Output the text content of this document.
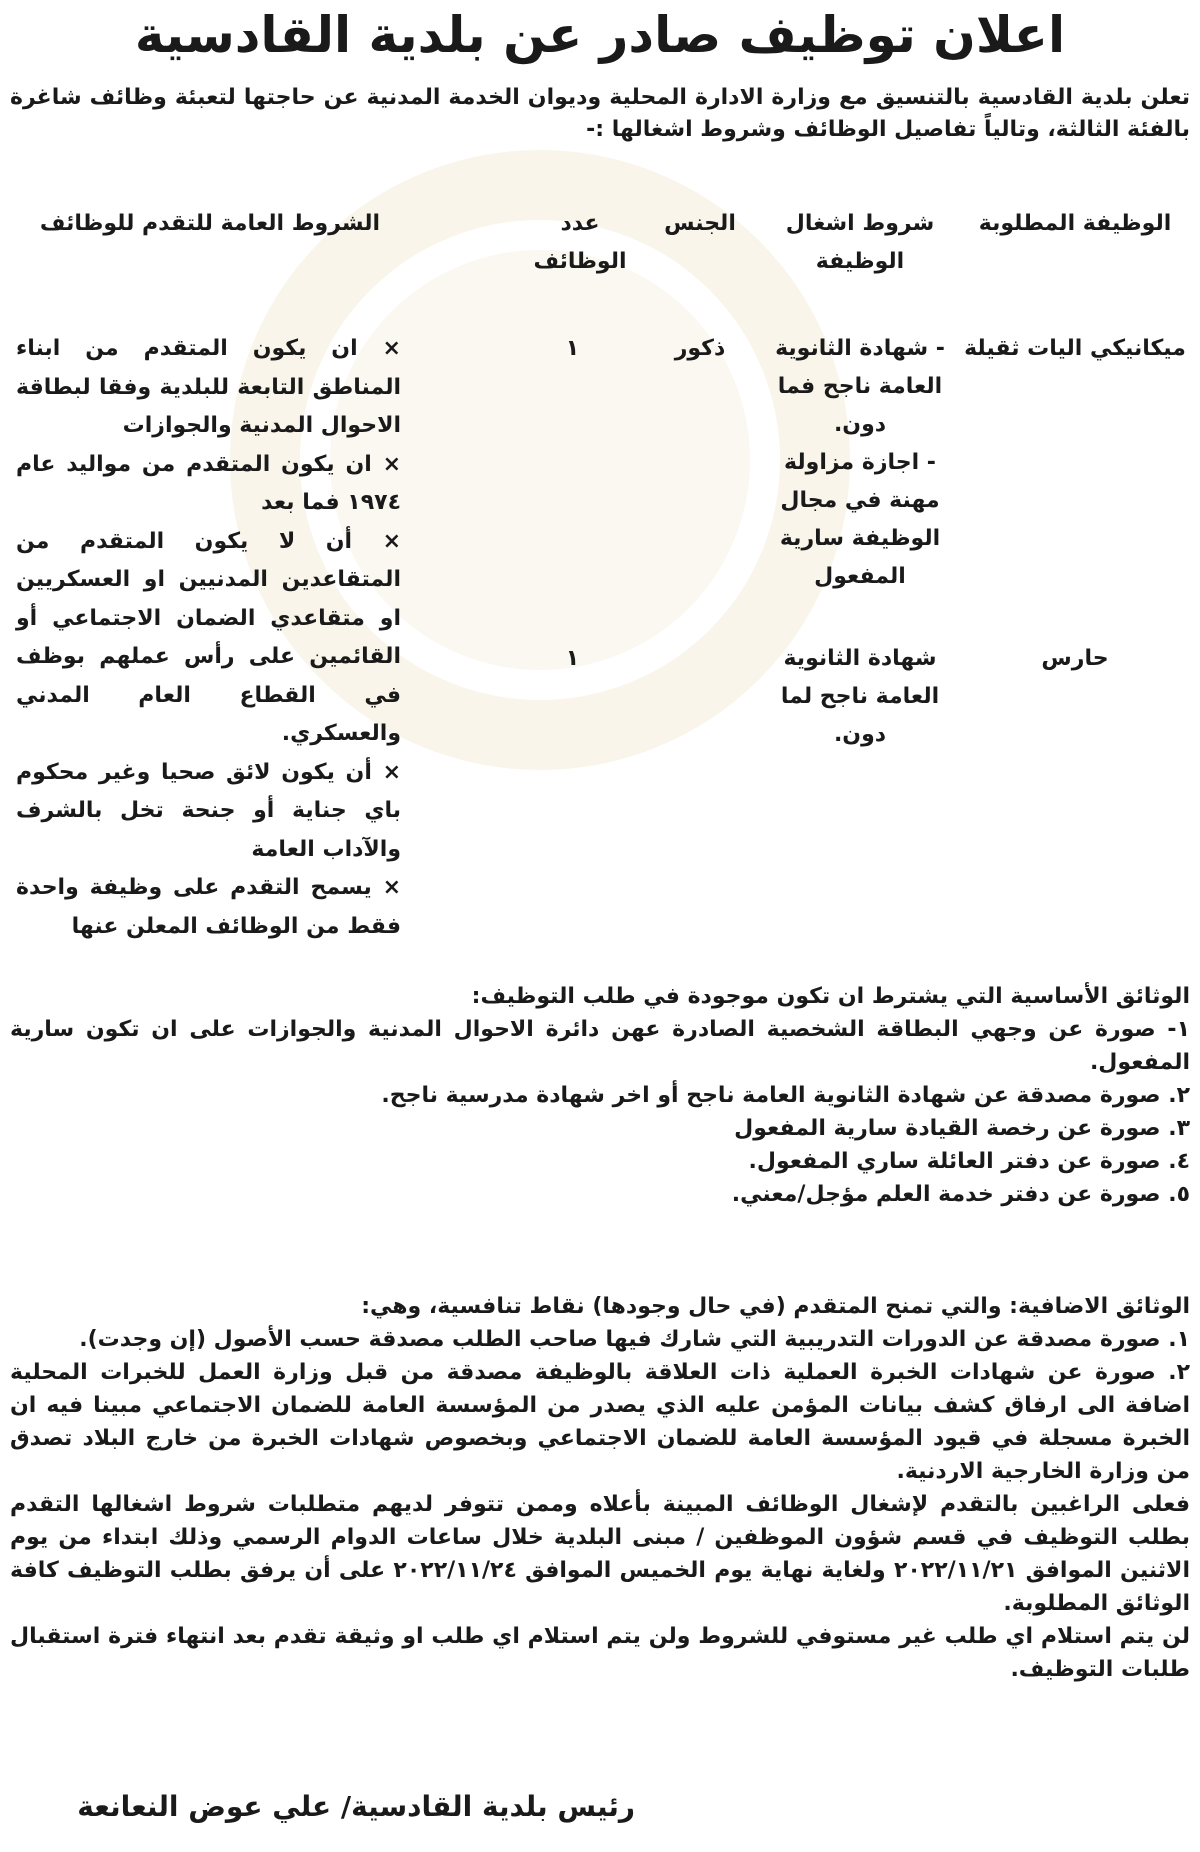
اعلان توظيف صادر عن بلدية القادسية
تعلن بلدية القادسية بالتنسيق مع وزارة الادارة المحلية وديوان الخدمة المدنية عن حاجتها لتعبئة وظائف شاغرة بالفئة الثالثة، وتالياً تفاصيل الوظائف وشروط اشغالها :-
الوظيفة المطلوبة
شروط اشغال الوظيفة
الجنس
عدد الوظائف
الشروط العامة للتقدم للوظائف
ميكانيكي اليات ثقيلة
- شهادة الثانوية العامة ناجح فما دون.
- اجازة مزاولة مهنة في مجال الوظيفة سارية المفعول
ذكور
١
حارس
شهادة الثانوية العامة ناجح لما دون.
١
× ان يكون المتقدم من ابناء المناطق التابعة للبلدية وفقا لبطاقة الاحوال المدنية والجوازات
× ان يكون المتقدم من مواليد عام ١٩٧٤ فما بعد
× أن لا يكون المتقدم من المتقاعدين المدنيين او العسكريين او متقاعدي الضمان الاجتماعي أو القائمين على رأس عملهم بوظف في القطاع العام المدني والعسكري.
× أن يكون لائق صحيا وغير محكوم باي جناية أو جنحة تخل بالشرف والآداب العامة
× يسمح التقدم على وظيفة واحدة فقط من الوظائف المعلن عنها

الوثائق الأساسية التي يشترط ان تكون موجودة في طلب التوظيف:

١- صورة عن وجهي البطاقة الشخصية الصادرة عهن دائرة الاحوال المدنية والجوازات على ان تكون سارية المفعول.

٢. صورة مصدقة عن شهادة الثانوية العامة ناجح أو اخر شهادة مدرسية ناجح.

٣. صورة عن رخصة القيادة سارية المفعول

٤. صورة عن دفتر العائلة ساري المفعول.

٥. صورة عن دفتر خدمة العلم مؤجل/معني.

الوثائق الاضافية: والتي تمنح المتقدم (في حال وجودها) نقاط تنافسية، وهي:

١. صورة مصدقة عن الدورات التدريبية التي شارك فيها صاحب الطلب مصدقة حسب الأصول (إن وجدت).

٢. صورة عن شهادات الخبرة العملية ذات العلاقة بالوظيفة مصدقة من قبل وزارة العمل للخبرات المحلية اضافة الى ارفاق كشف بيانات المؤمن عليه الذي يصدر من المؤسسة العامة للضمان الاجتماعي مبينا فيه ان الخبرة مسجلة في قيود المؤسسة العامة للضمان الاجتماعي وبخصوص شهادات الخبرة من خارج البلاد تصدق من وزارة الخارجية الاردنية.

فعلى الراغبين بالتقدم لإشغال الوظائف المبينة بأعلاه وممن تتوفر لديهم متطلبات شروط اشغالها التقدم بطلب التوظيف في قسم شؤون الموظفين / مبنى البلدية خلال ساعات الدوام الرسمي وذلك ابتداء من يوم الاثنين الموافق ٢٠٢٢/١١/٢١ ولغاية نهاية يوم الخميس الموافق ٢٠٢٢/١١/٢٤ على أن يرفق بطلب التوظيف كافة الوثائق المطلوبة.

لن يتم استلام اي طلب غير مستوفي للشروط ولن يتم استلام اي طلب او وثيقة تقدم بعد انتهاء فترة استقبال طلبات التوظيف.

رئيس بلدية القادسية/ علي عوض النعانعة
